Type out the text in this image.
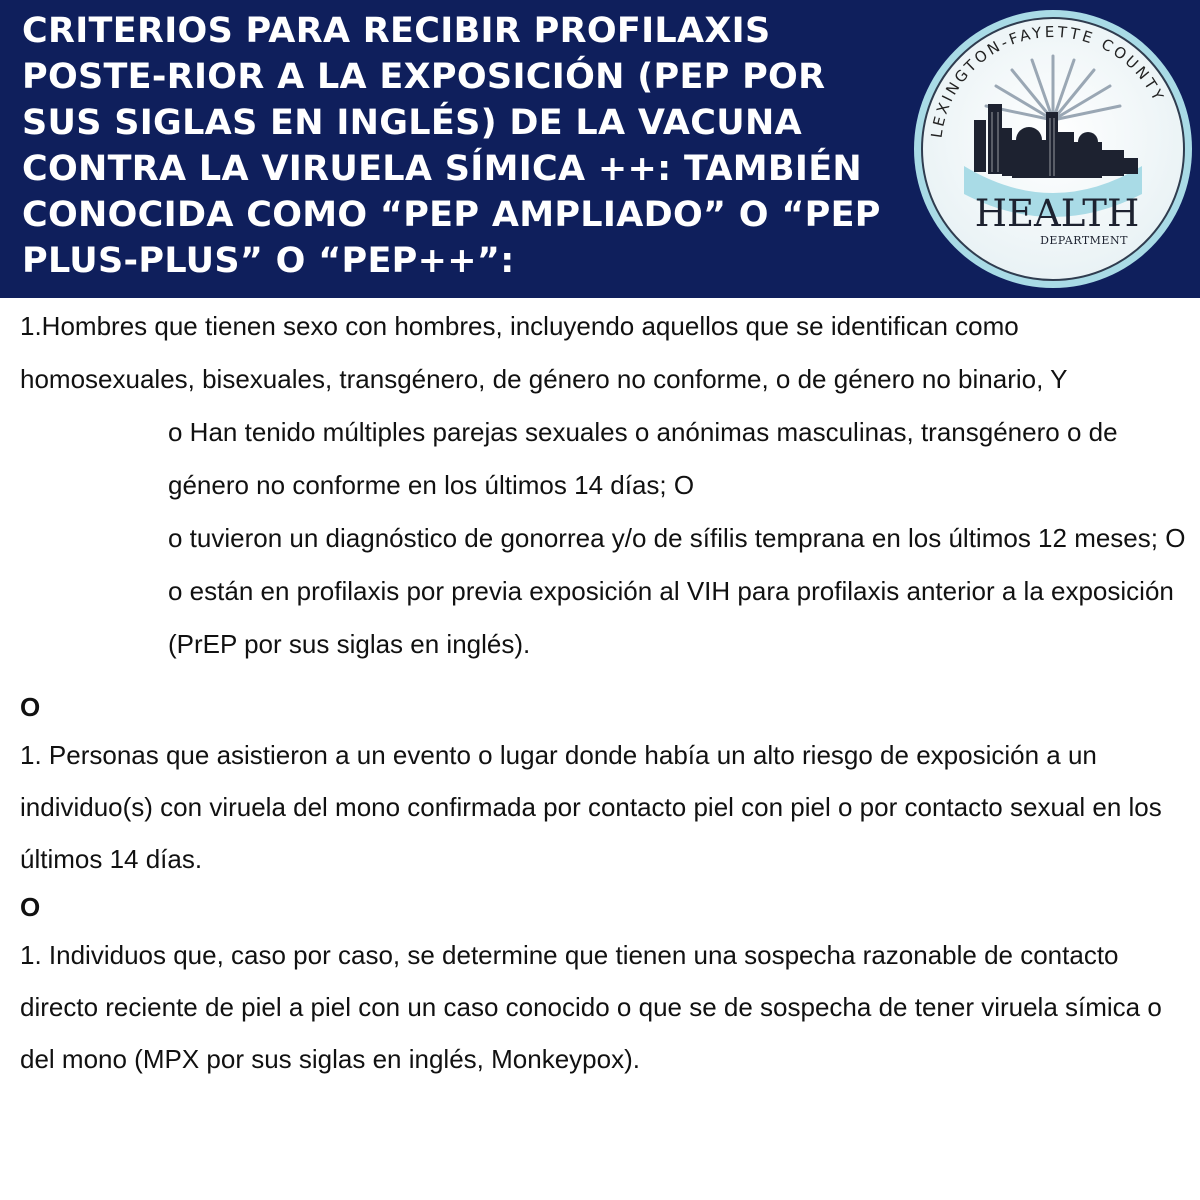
CRITERIOS PARA RECIBIR PROFILAXIS POSTE-RIOR A LA EXPOSICIÓN (PEP POR SUS SIGLAS EN INGLÉS) DE LA VACUNA CONTRA LA VIRUELA SÍMICA ++: TAMBIÉN CONOCIDA COMO “PEP AMPLIADO” O “PEP PLUS-PLUS” O “PEP++”:
LEXINGTON-FAYETTE COUNTY
HEALTH
DEPARTMENT

1.Hombres que tienen sexo con hombres, incluyendo aquellos que se identifican como homosexuales, bisexuales, transgénero, de género no conforme, o de género no binario, Y

o Han tenido múltiples parejas sexuales o anónimas masculinas, transgénero o de género no conforme en los últimos 14 días; O

o tuvieron un diagnóstico de gonorrea y/o de sífilis temprana en los últimos 12 meses; O

o están en profilaxis por previa exposición al VIH para profilaxis anterior a la exposición (PrEP por sus siglas en inglés).

O

1. Personas que asistieron a un evento o lugar donde había un alto riesgo de exposición a un individuo(s) con viruela del mono confirmada por contacto piel con piel o por contacto sexual en los últimos 14 días.

O

1. Individuos que, caso por caso, se determine que tienen una sospecha razonable de contacto directo reciente de piel a piel con un caso conocido o que se de sospecha de tener viruela símica o del mono (MPX por sus siglas en inglés, Monkeypox).
